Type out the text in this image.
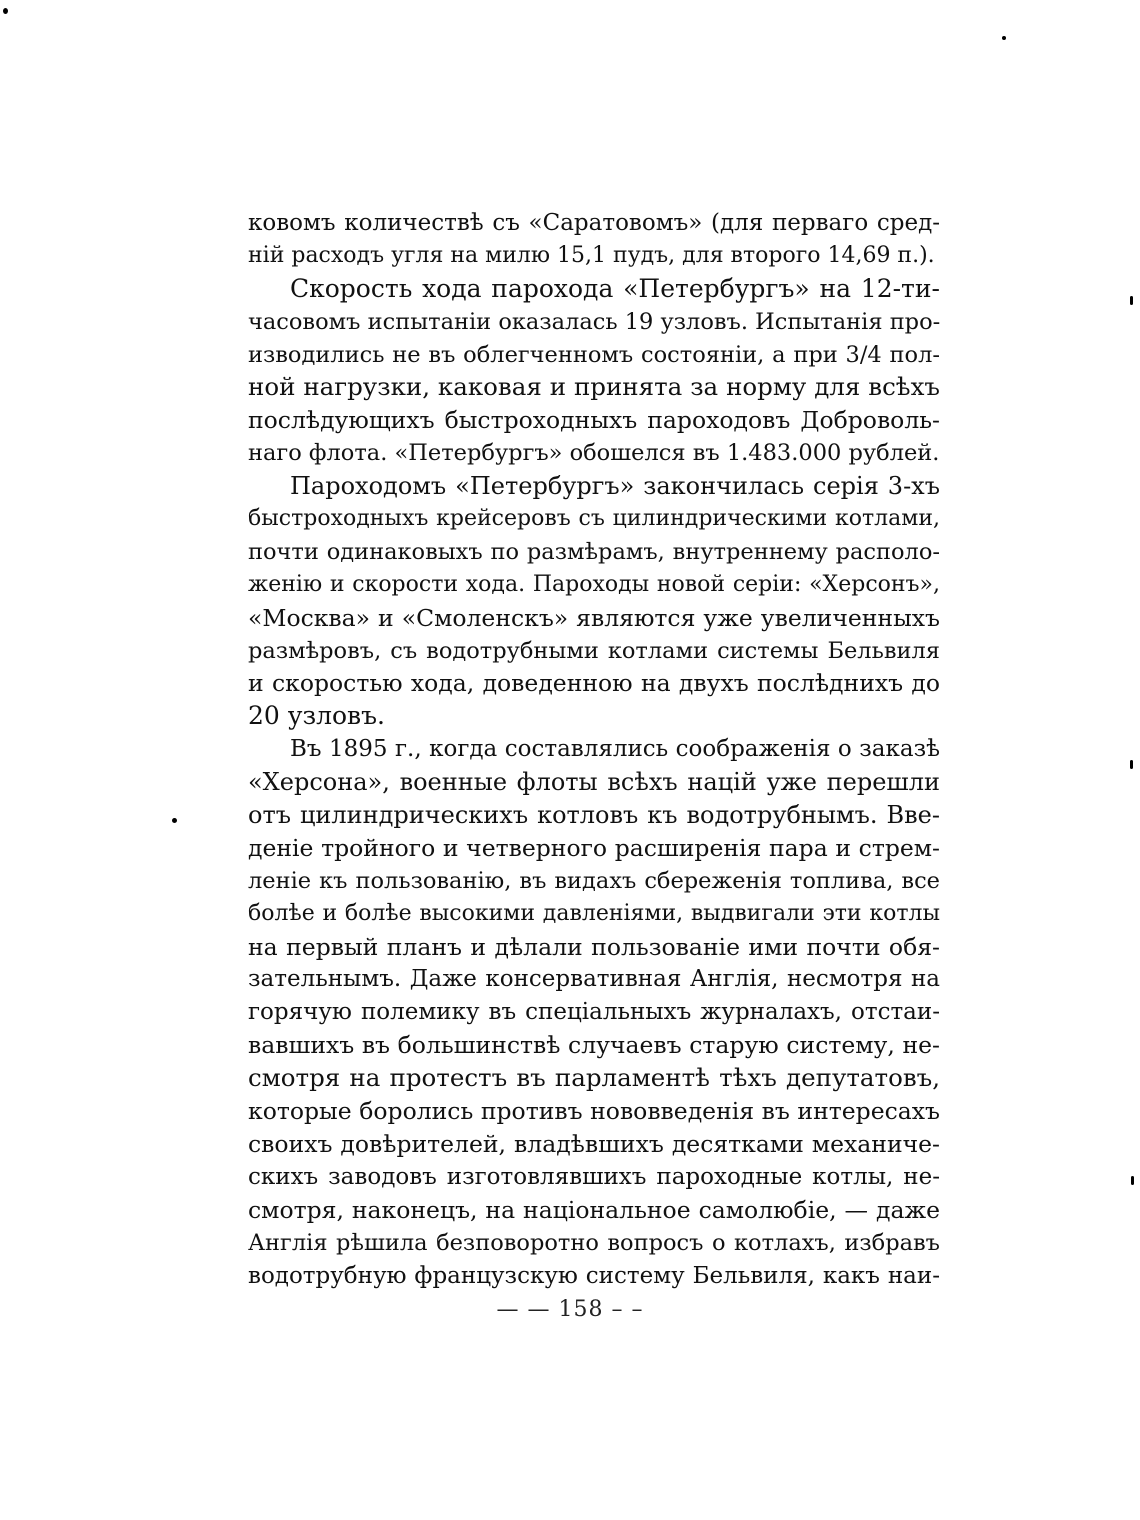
ковомъ количествѣ съ «Саратовомъ» (для перваго сред-
ній расходъ угля на милю 15,1 пудъ, для второго 14,69 п.).
Скорость хода парохода «Петербургъ» на 12-ти-
часовомъ испытанiи оказалась 19 узловъ. Испытанія про-
изводились не въ облегченномъ состоянiи, а при 3/4 пол-
ной нагрузки, каковая и принята за норму для всѣхъ
послѣдующихъ быстроходныхъ пароходовъ Доброволь-
наго флота. «Петербургъ» обошелся въ 1.483.000 рублей.
Пароходомъ «Петербургъ» закончилась серія 3-хъ
быстроходныхъ крейсеровъ съ цилиндрическими котлами,
почти одинаковыхъ по размѣрамъ, внутреннему располо-
женію и скорости хода. Пароходы новой серіи: «Херсонъ»,
«Москва» и «Смоленскъ» являются уже увеличенныхъ
размѣровъ, съ водотрубными котлами системы Бельвиля
и скоростью хода, доведенною на двухъ послѣднихъ до
20 узловъ.
Въ 1895 г., когда составлялись соображенія о заказѣ
«Херсона», военные флоты всѣхъ націй уже перешли
отъ цилиндрическихъ котловъ къ водотрубнымъ. Вве-
деніе тройного и четверного расширенія пара и стрем-
леніе къ пользованію, въ видахъ сбереженія топлива, все
болѣе и болѣе высокими давленіями, выдвигали эти котлы
на первый планъ и дѣлали пользованіе ими почти обя-
зательнымъ. Даже консервативная Англія, несмотря на
горячую полемику въ спеціальныхъ журналахъ, отстаи-
вавшихъ въ большинствѣ случаевъ старую систему, не-
смотря на протестъ въ парламентѣ тѣхъ депутатовъ,
которые боролись противъ нововведенія въ интересахъ
своихъ довѣрителей, владѣвшихъ десятками механиче-
скихъ заводовъ изготовлявшихъ пароходные котлы, не-
смотря, наконецъ, на національное самолюбіе, — даже
Англія рѣшила безповоротно вопросъ о котлахъ, избравъ
водотрубную французскую систему Бельвиля, какъ наи-
— — 158 – –
